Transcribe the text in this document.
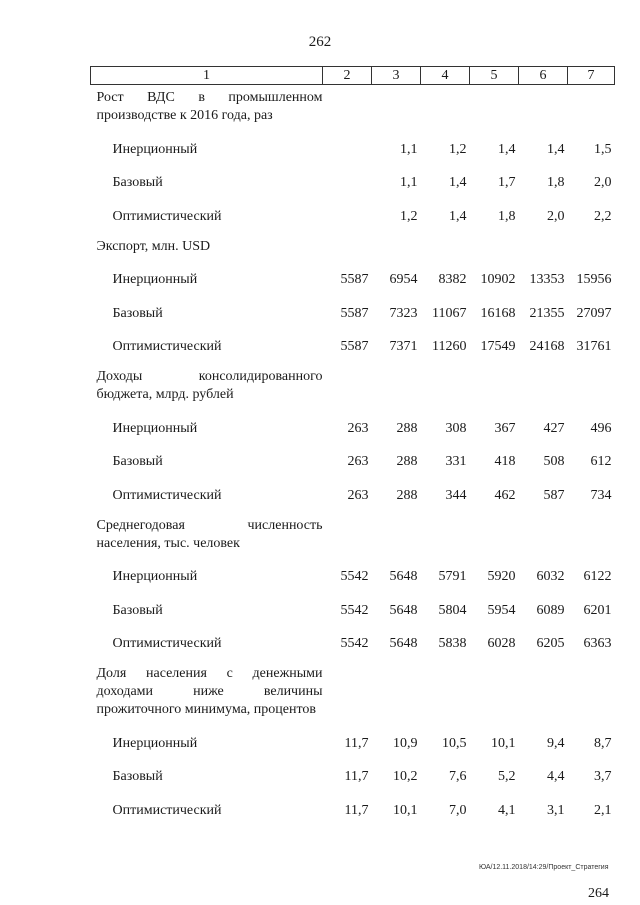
262
1	2	3	4	5	6	7
Рост ВДС в промышленном производстве к 2016 года, раз						
Инерционный		1,1	1,2	1,4	1,4	1,5
Базовый		1,1	1,4	1,7	1,8	2,0
Оптимистический		1,2	1,4	1,8	2,0	2,2
Экспорт, млн. USD						
Инерционный	5587	6954	8382	10902	13353	15956
Базовый	5587	7323	11067	16168	21355	27097
Оптимистический	5587	7371	11260	17549	24168	31761
Доходы консолидированного бюджета, млрд. рублей						
Инерционный	263	288	308	367	427	496
Базовый	263	288	331	418	508	612
Оптимистический	263	288	344	462	587	734
Среднегодовая численность населения, тыс. человек						
Инерционный	5542	5648	5791	5920	6032	6122
Базовый	5542	5648	5804	5954	6089	6201
Оптимистический	5542	5648	5838	6028	6205	6363
Доля населения с денежными доходами ниже величины прожиточного минимума, процентов						
Инерционный	11,7	10,9	10,5	10,1	9,4	8,7
Базовый	11,7	10,2	7,6	5,2	4,4	3,7
Оптимистический	11,7	10,1	7,0	4,1	3,1	2,1
ЮА/12.11.2018/14:29/Проект_Стратегия
264
